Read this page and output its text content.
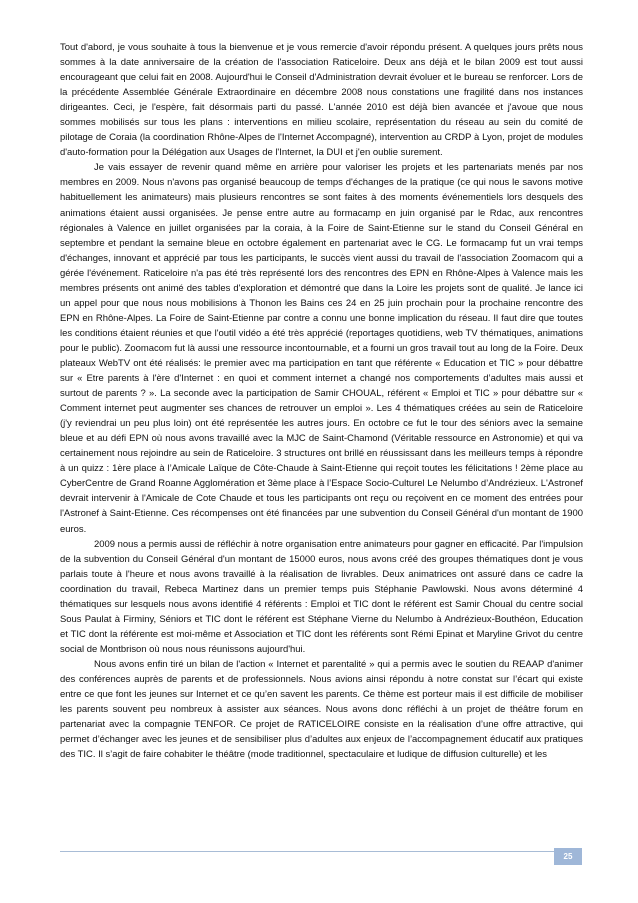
Tout d'abord, je vous souhaite à tous la bienvenue et je vous remercie d'avoir répondu présent. A quelques jours prêts nous sommes à la date anniversaire de la création de l'association Raticeloire. Deux ans déjà et le bilan 2009 est tout aussi encourageant que celui fait en 2008. Aujourd'hui le Conseil d'Administration devrait évoluer et le bureau se renforcer. Lors de la précédente Assemblée Générale Extraordinaire en décembre 2008 nous constations une fragilité dans nos instances dirigeantes. Ceci, je l'espère, fait désormais parti du passé. L'année 2010 est déjà bien avancée et j'avoue que nous sommes mobilisés sur tous les plans : interventions en milieu scolaire, représentation du réseau au sein du comité de pilotage de Coraia (la coordination Rhône-Alpes de l'Internet Accompagné), intervention au CRDP à Lyon, projet de modules d'auto-formation pour la Délégation aux Usages de l'Internet, la DUI et j'en oublie surement.

Je vais essayer de revenir quand même en arrière pour valoriser les projets et les partenariats menés par nos membres en 2009. Nous n'avons pas organisé beaucoup de temps d'échanges de la pratique (ce qui nous le savons motive habituellement les animateurs) mais plusieurs rencontres se sont faites à des moments événementiels lors desquels des animations étaient aussi organisées. Je pense entre autre au formacamp en juin organisé par le Rdac, aux rencontres régionales à Valence en juillet organisées par la coraia, à la Foire de Saint-Etienne sur le stand du Conseil Général en septembre et pendant la semaine bleue en octobre également en partenariat avec le CG. Le formacamp fut un vrai temps d'échanges, innovant et apprécié par tous les participants, le succès vient aussi du travail de l'association Zoomacom qui a gérée l'événement. Raticeloire n'a pas été très représenté lors des rencontres des EPN en Rhône-Alpes à Valence mais les membres présents ont animé des tables d'exploration et démontré que dans la Loire les projets sont de qualité. Je lance ici un appel pour que nous nous mobilisions à Thonon les Bains ces 24 en 25 juin prochain pour la prochaine rencontre des EPN en Rhône-Alpes. La Foire de Saint-Etienne par contre a connu une bonne implication du réseau. Il faut dire que toutes les conditions étaient réunies et que l'outil vidéo a été très apprécié (reportages quotidiens, web TV thématiques, animations pour le public). Zoomacom fut là aussi une ressource incontournable, et a fourni un gros travail tout au long de la Foire. Deux plateaux WebTV ont été réalisés: le premier avec ma participation en tant que référente « Education et TIC » pour débattre sur « Etre parents à l'ère d'Internet : en quoi et comment internet a changé nos comportements d’adultes mais aussi et surtout de parents ? ». La seconde avec la participation de Samir CHOUAL, référent « Emploi et TIC » pour débattre sur « Comment internet peut augmenter ses chances de retrouver un emploi ». Les 4 thématiques créées au sein de Raticeloire (j'y reviendrai un peu plus loin) ont été représentée les autres jours. En octobre ce fut le tour des séniors avec la semaine bleue et au défi EPN où nous avons travaillé avec la MJC de Saint-Chamond (Véritable ressource en Astronomie) et qui va certainement nous rejoindre au sein de Raticeloire. 3 structures ont brillé en réussissant dans les meilleurs temps à répondre à un quizz : 1ère place à l’Amicale Laïque de Côte-Chaude à Saint-Etienne qui reçoit toutes les félicitations ! 2ème place au CyberCentre de Grand Roanne Agglomération et 3ème place à l’Espace Socio-Culturel Le Nelumbo d’Andrézieux. L'Astronef devrait intervenir à l'Amicale de Cote Chaude et tous les participants ont reçu ou reçoivent en ce moment des entrées pour l'Astronef à Saint-Etienne. Ces récompenses ont été financées par une subvention du Conseil Général d'un montant de 1900 euros.

2009 nous a permis aussi de réfléchir à notre organisation entre animateurs pour gagner en efficacité. Par l'impulsion de la subvention du Conseil Général d'un montant de 15000 euros, nous avons créé des groupes thématiques dont je vous parlais toute à l'heure et nous avons travaillé à la réalisation de livrables. Deux animatrices ont assuré dans ce cadre la coordination du travail, Rebeca Martinez dans un premier temps puis Stéphanie Pawlowski. Nous avons déterminé 4 thématiques sur lesquels nous avons identifié 4 référents : Emploi et TIC dont le référent est Samir Choual du centre social Sous Paulat à Firminy, Séniors et TIC dont le référent est Stéphane Vierne du Nelumbo à Andrézieux-Bouthéon, Education et TIC dont la référente est moi-même et Association et TIC dont les référents sont Rémi Epinat et Maryline Grivot du centre social de Montbrison où nous nous réunissons aujourd'hui.

Nous avons enfin tiré un bilan de l'action « Internet et parentalité » qui a permis avec le soutien du REAAP d'animer des conférences auprès de parents et de professionnels. Nous avions ainsi répondu à notre constat sur l’écart qui existe entre ce que font les jeunes sur Internet et ce qu’en savent les parents. Ce thème est porteur mais il est difficile de mobiliser les parents souvent peu nombreux à assister aux séances. Nous avons donc réfléchi à un projet de théâtre forum en partenariat avec la compagnie TENFOR. Ce projet de RATICELOIRE consiste en la réalisation d’une offre attractive, qui permet d’échanger avec les jeunes et de sensibiliser plus d’adultes aux enjeux de l’accompagnement éducatif aux pratiques des TIC. Il s’agit de faire cohabiter le théâtre (mode traditionnel, spectaculaire et ludique de diffusion culturelle) et les

25
